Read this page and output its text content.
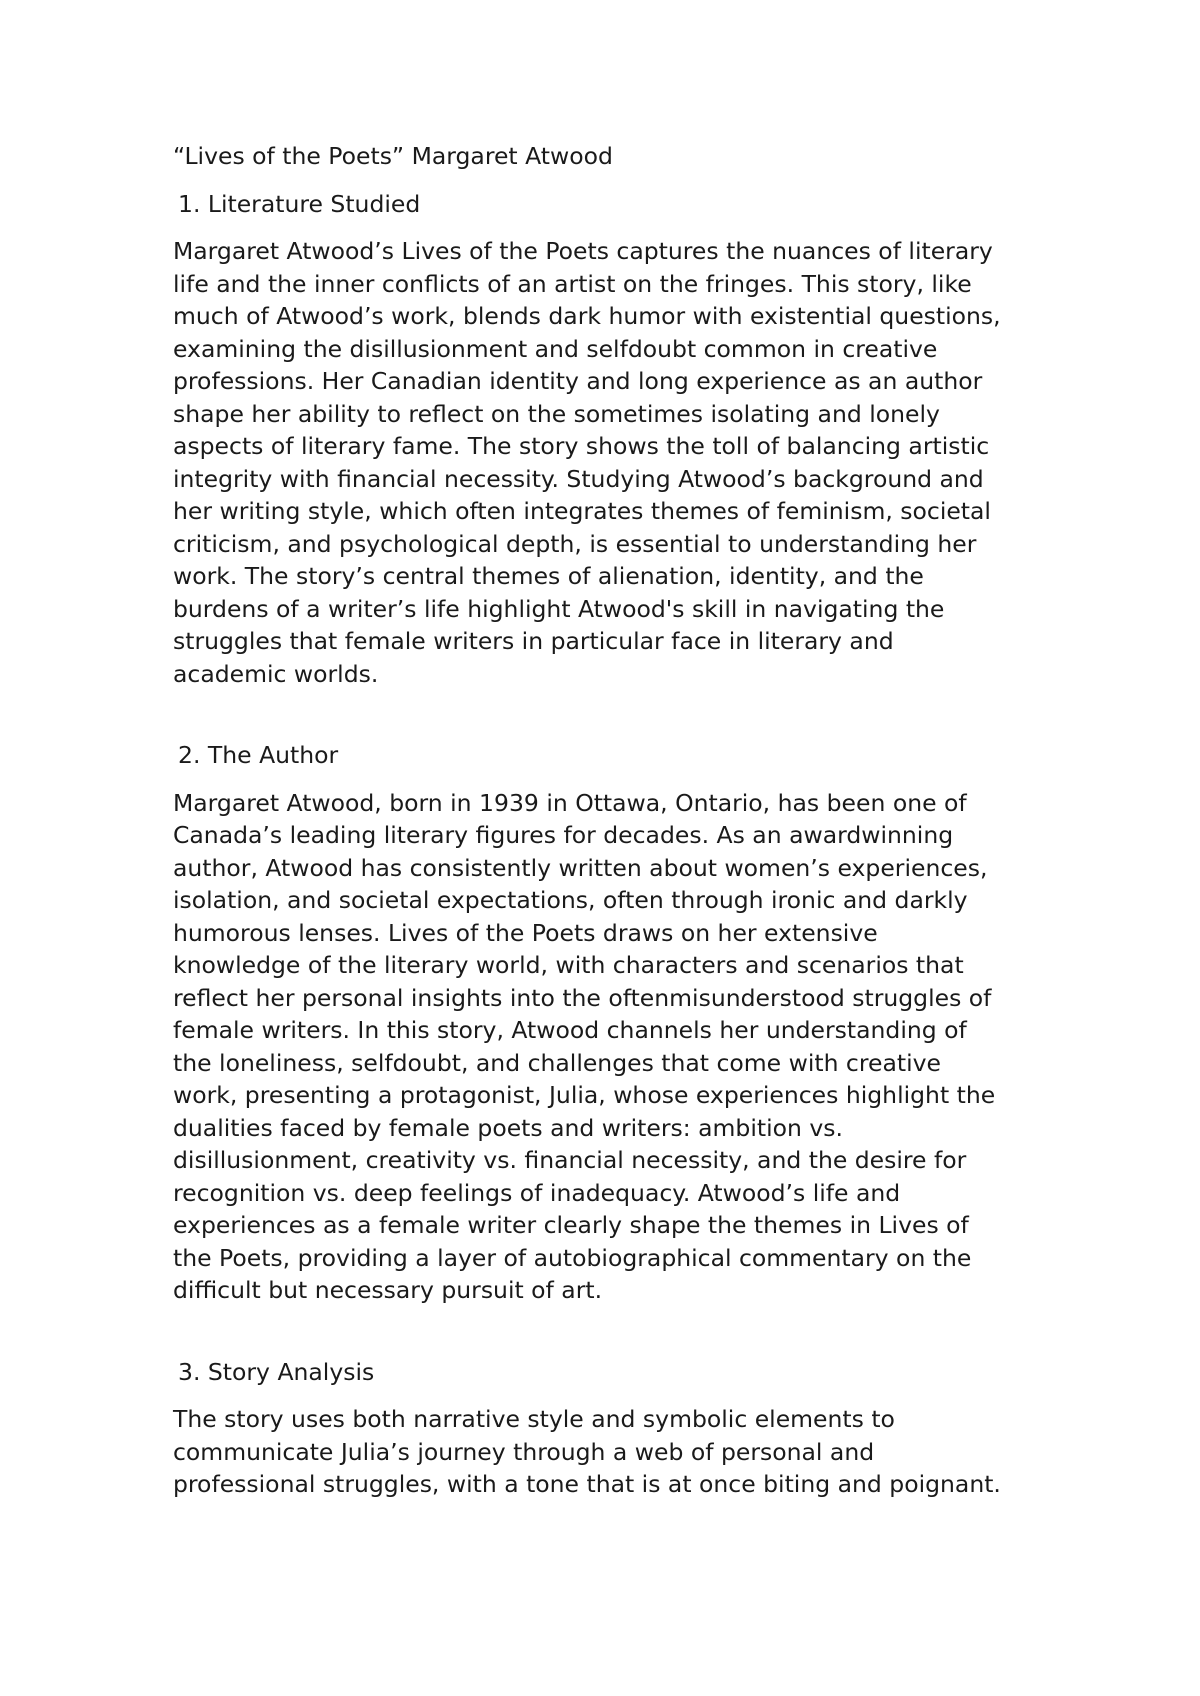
“Lives of the Poets” Margaret Atwood

1. Literature Studied

Margaret Atwood’s Lives of the Poets captures the nuances of literary
life and the inner conflicts of an artist on the fringes. This story, like
much of Atwood’s work, blends dark humor with existential questions,
examining the disillusionment and selfdoubt common in creative
professions. Her Canadian identity and long experience as an author
shape her ability to reflect on the sometimes isolating and lonely
aspects of literary fame. The story shows the toll of balancing artistic
integrity with financial necessity. Studying Atwood’s background and
her writing style, which often integrates themes of feminism, societal
criticism, and psychological depth, is essential to understanding her
work. The story’s central themes of alienation, identity, and the
burdens of a writer’s life highlight Atwood's skill in navigating the
struggles that female writers in particular face in literary and
academic worlds.

2. The Author

Margaret Atwood, born in 1939 in Ottawa, Ontario, has been one of
Canada’s leading literary figures for decades. As an awardwinning
author, Atwood has consistently written about women’s experiences,
isolation, and societal expectations, often through ironic and darkly
humorous lenses. Lives of the Poets draws on her extensive
knowledge of the literary world, with characters and scenarios that
reflect her personal insights into the oftenmisunderstood struggles of
female writers. In this story, Atwood channels her understanding of
the loneliness, selfdoubt, and challenges that come with creative
work, presenting a protagonist, Julia, whose experiences highlight the
dualities faced by female poets and writers: ambition vs.
disillusionment, creativity vs. financial necessity, and the desire for
recognition vs. deep feelings of inadequacy. Atwood’s life and
experiences as a female writer clearly shape the themes in Lives of
the Poets, providing a layer of autobiographical commentary on the
difficult but necessary pursuit of art.

3. Story Analysis

The story uses both narrative style and symbolic elements to
communicate Julia’s journey through a web of personal and
professional struggles, with a tone that is at once biting and poignant.
